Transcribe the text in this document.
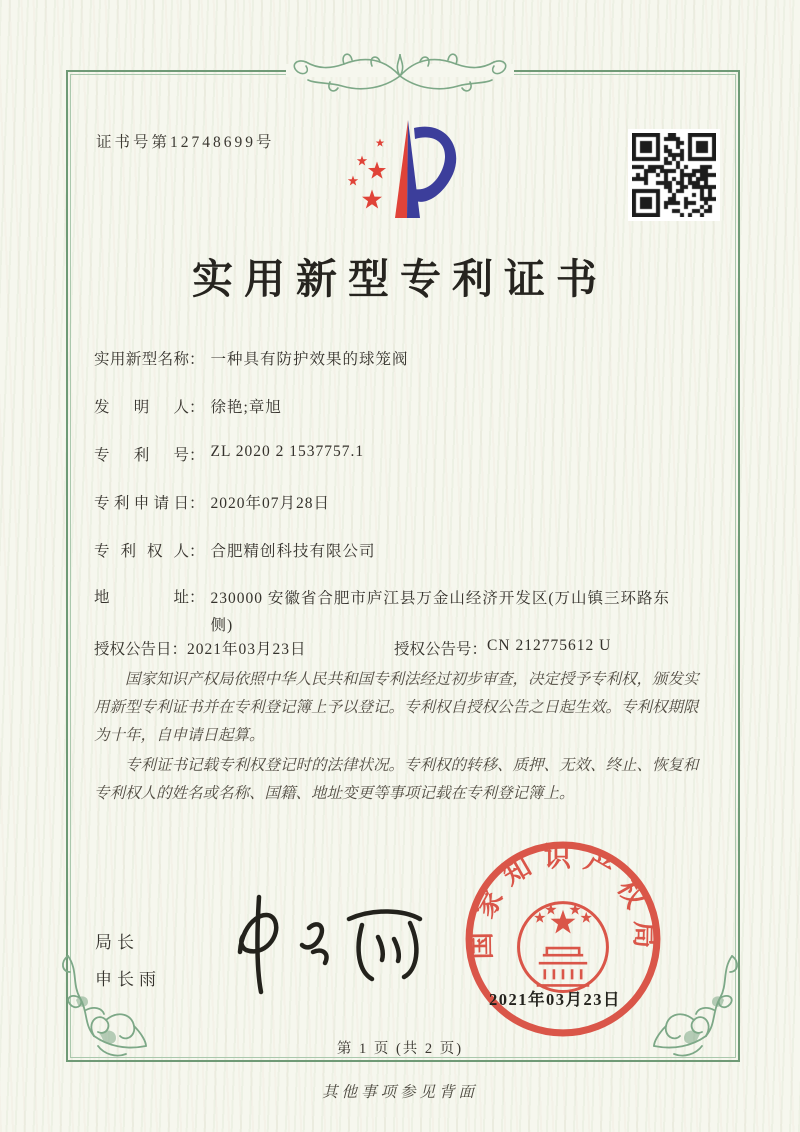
证书号第12748699号
实用新型专利证书
实用新型名称： 一种具有防护效果的球笼阀
发明人： 徐艳;章旭
专利号： ZL 2020 2 1537757.1
专利申请日： 2020年07月28日
专利权人： 合肥精创科技有限公司
地址： 230000 安徽省合肥市庐江县万金山经济开发区(万山镇三环路东侧)
授权公告日：2021年03月23日	授权公告号：CN 212775612 U

国家知识产权局依照中华人民共和国专利法经过初步审查，决定授予专利权，颁发实用新型专利证书并在专利登记簿上予以登记。专利权自授权公告之日起生效。专利权期限为十年，自申请日起算。

专利证书记载专利权登记时的法律状况。专利权的转移、质押、无效、终止、恢复和专利权人的姓名或名称、国籍、地址变更等事项记载在专利登记簿上。

局长
申长雨
国家知识产权局
2021年03月23日
第 1 页 (共 2 页)
其他事项参见背面
